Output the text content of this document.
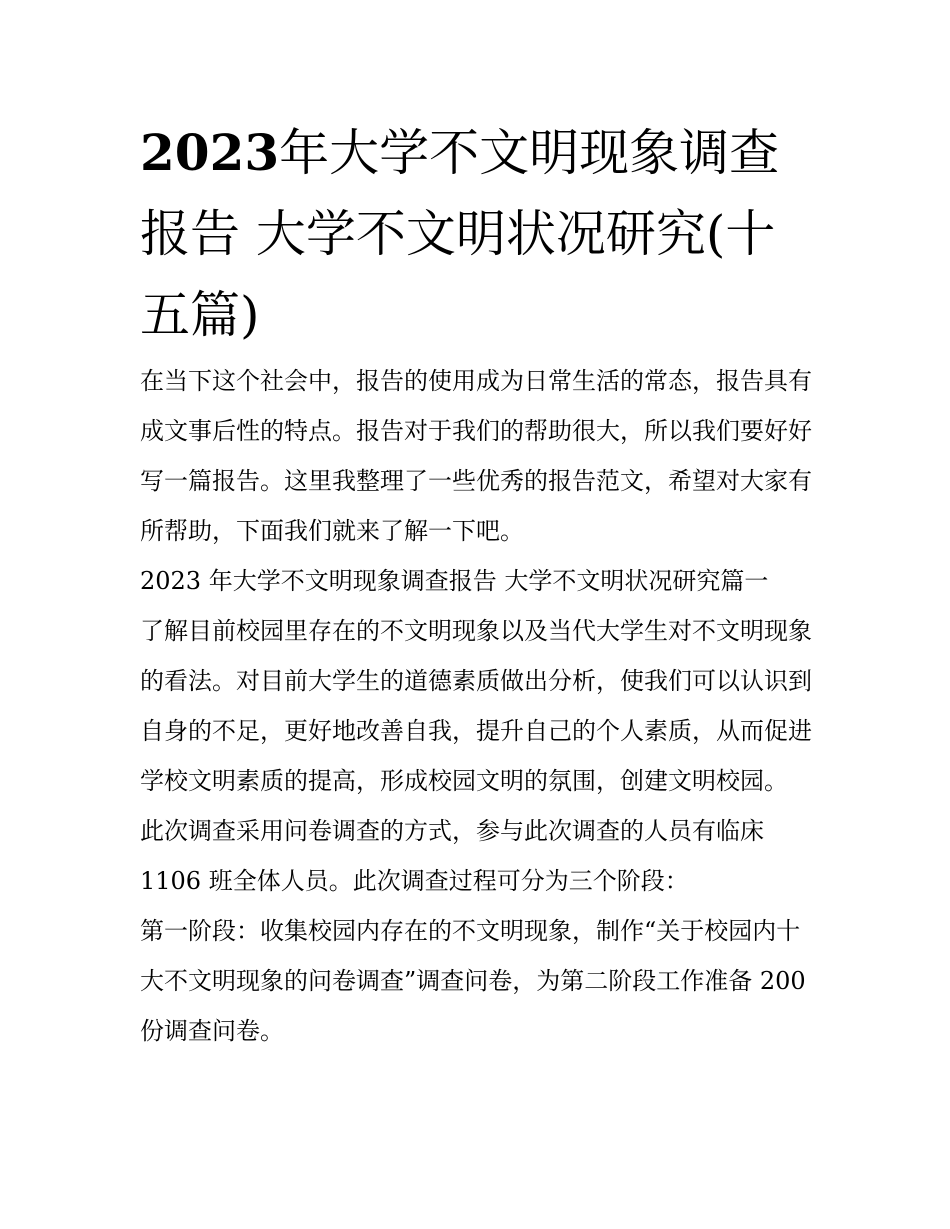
2023年大学不文明现象调查报告 大学不文明状况研究(十五篇)

在当下这个社会中，报告的使用成为日常生活的常态，报告具有成文事后性的特点。报告对于我们的帮助很大，所以我们要好好写一篇报告。这里我整理了一些优秀的报告范文，希望对大家有所帮助，下面我们就来了解一下吧。

2023 年大学不文明现象调查报告 大学不文明状况研究篇一

了解目前校园里存在的不文明现象以及当代大学生对不文明现象的看法。对目前大学生的道德素质做出分析，使我们可以认识到自身的不足，更好地改善自我，提升自己的个人素质，从而促进学校文明素质的提高，形成校园文明的氛围，创建文明校园。

此次调查采用问卷调查的方式，参与此次调查的人员有临床 1106 班全体人员。此次调查过程可分为三个阶段：

第一阶段：收集校园内存在的不文明现象，制作“关于校园内十大不文明现象的问卷调查”调查问卷，为第二阶段工作准备 200 份调查问卷。
